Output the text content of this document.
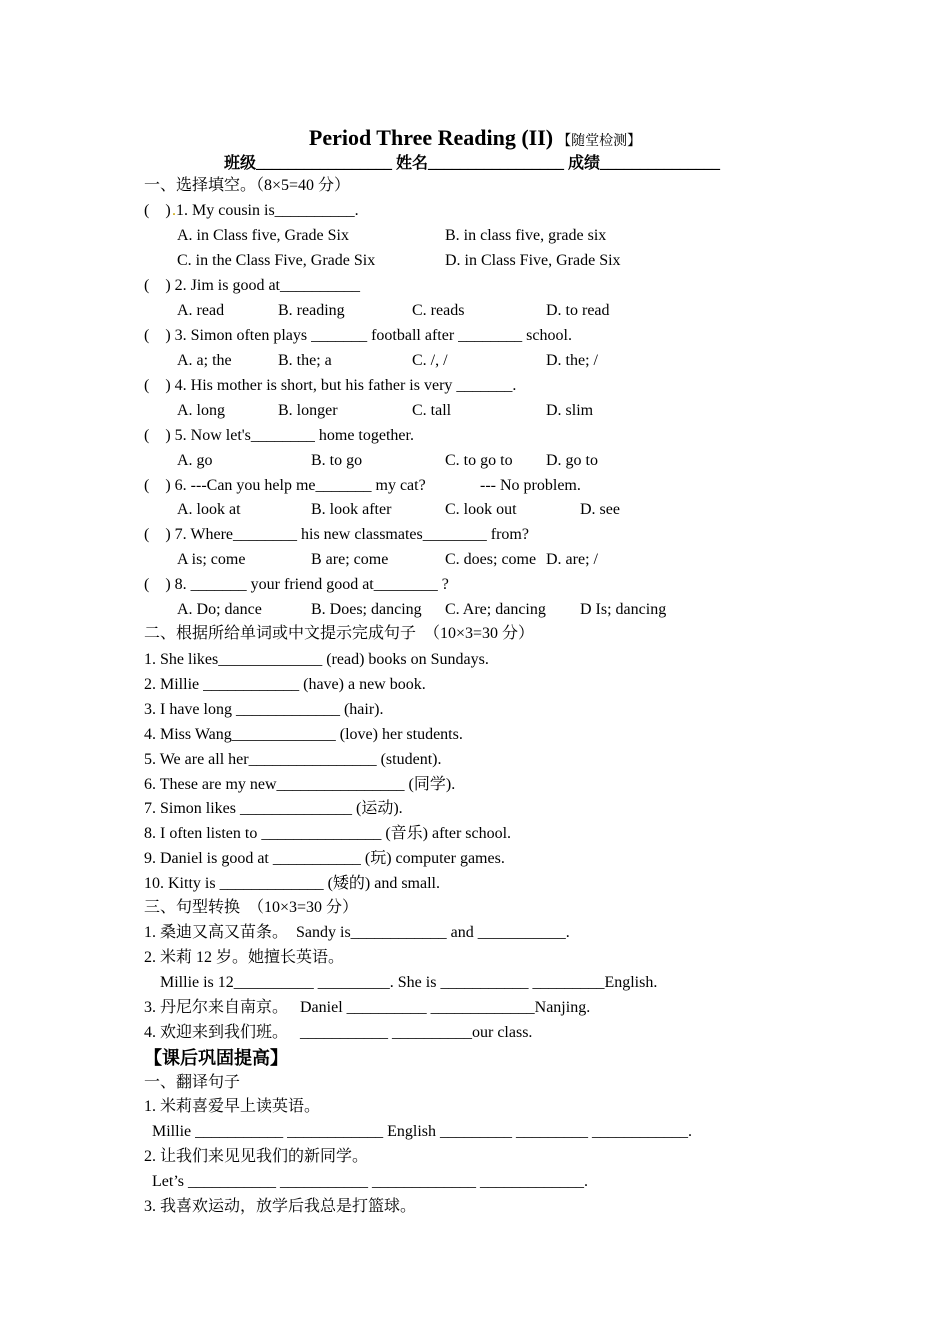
Period Three Reading (II) 【随堂检测】
班级_________________ 姓名_________________ 成绩_______________
一、选择填空。（8×5=40 分）
(    ) .1. My cousin is__________.
A. in Class five, Grade Six	B. in class five, grade six
C. in the Class Five, Grade Six	D. in Class Five, Grade Six
(    ) 2. Jim is good at__________
A. read	B. reading	C. reads	D. to read
(    ) 3. Simon often plays _______ football after ________ school.
A. a; the	B. the; a	C. /, /	D. the; /
(    ) 4. His mother is short, but his father is very _______.
A. long	B. longer	C. tall	D. slim
(    ) 5. Now let's________ home together.
A. go	B. to go	C. to go to D. go to
(    ) 6. ---Can you help me_______ my cat?	--- No problem.
A. look at	B. look after	C. look out	D. see
(    ) 7. Where________ his new classmates________ from?
A is; come	B are; come	C. does; come D. are; /
(    ) 8. _______ your friend good at________ ?
A. Do; dance	B. Does; dancing C. Are; dancing D Is; dancing
二、根据所给单词或中文提示完成句子  （10×3=30 分）
1. She likes_____________ (read) books on Sundays.
2. Millie ____________ (have) a new book.
3. I have long _____________ (hair).
4. Miss Wang_____________ (love) her students.
5. We are all her________________ (student).
6. These are my new________________ (同学).
7. Simon likes ______________ (运动).
8. I often listen to _______________ (音乐) after school.
9. Daniel is good at ___________ (玩) computer games.
10. Kitty is _____________ (矮的) and small.
三、句型转换  （10×3=30 分）
1. 桑迪又高又苗条。  Sandy is____________ and ___________.
2. 米莉 12 岁。她擅长英语。
Millie is 12__________ _________. She is ___________ _________English.
3. 丹尼尔来自南京。   Daniel __________ _____________Nanjing.
4. 欢迎来到我们班。   ___________ __________our class.
【课后巩固提高】
一、翻译句子
1. 米莉喜爱早上读英语。
Millie ___________ ____________ English _________ _________ ____________.
2. 让我们来见见我们的新同学。
Let’s ___________ ___________ _____________ _____________.
3. 我喜欢运动，放学后我总是打篮球。
